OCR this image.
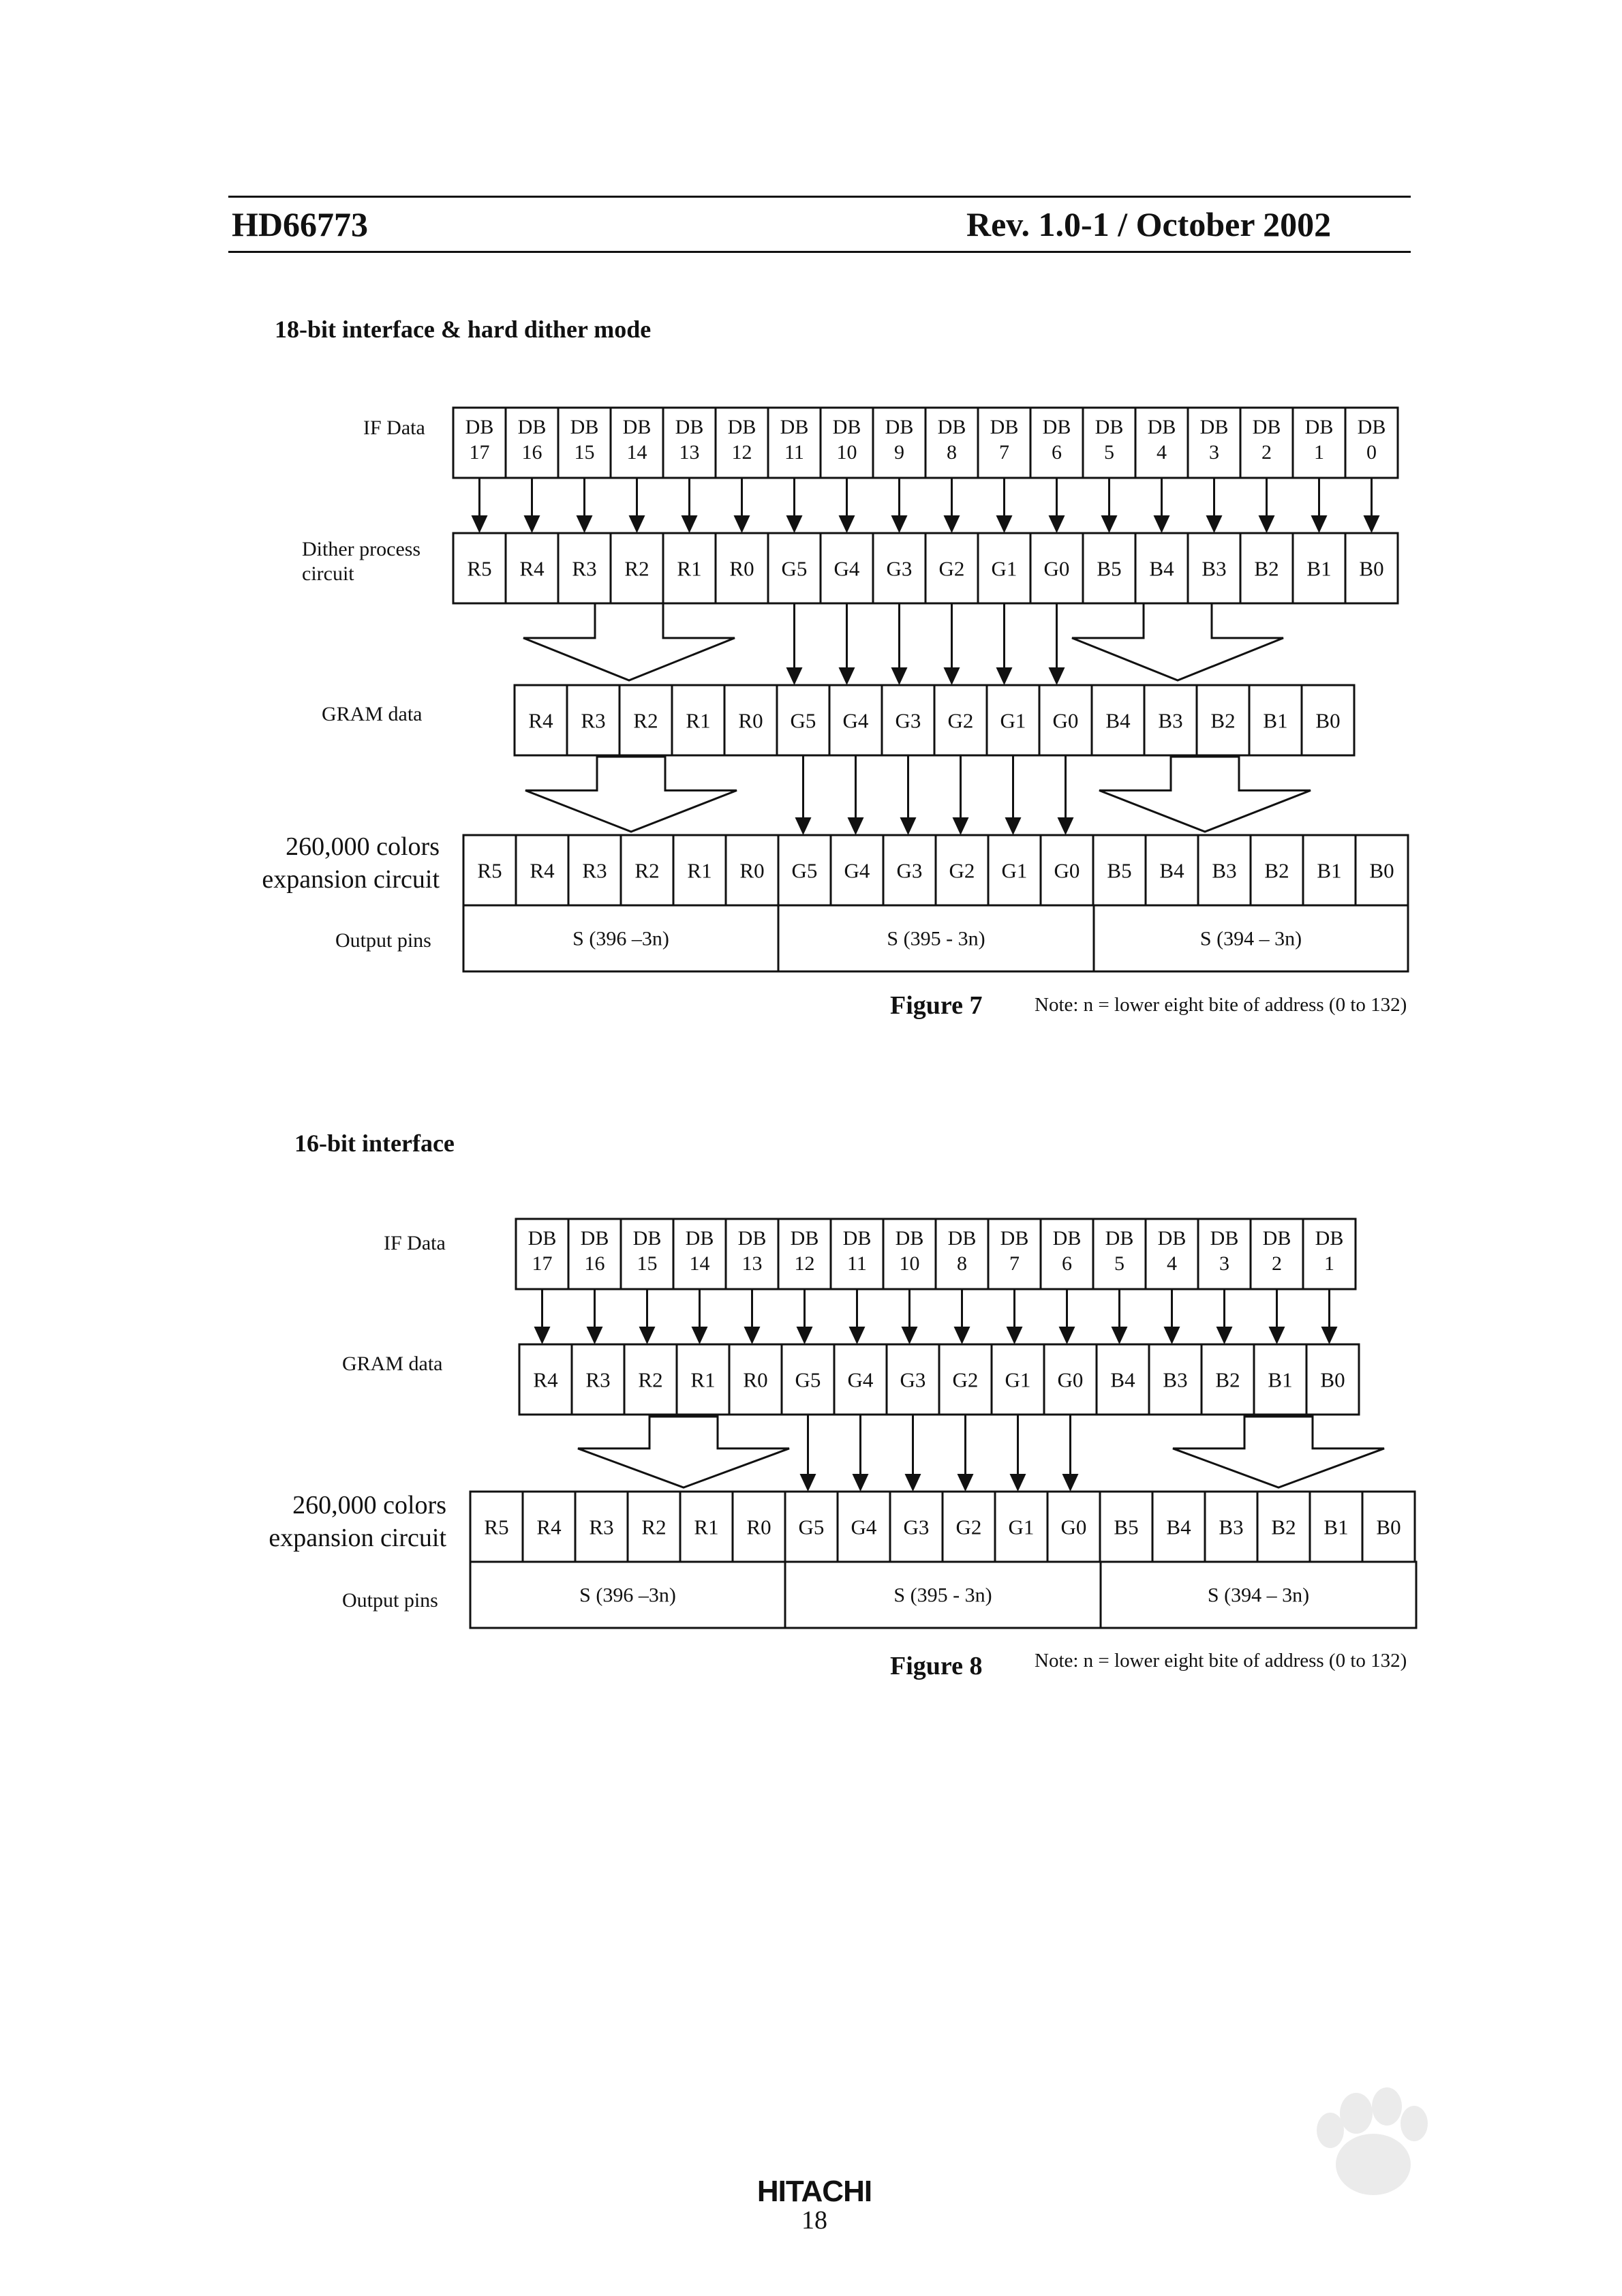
HD66773	Rev. 1.0-1 / October 2002
18-bit interface & hard dither mode
IF Data
Dither process circuit
GRAM data
260,000 colors expansion circuit
Output pins
DB
17
DB
16
DB
15
DB
14
DB
13
DB
12
DB
11
DB
10
DB
9
DB
8
DB
7
DB
6
DB
5
DB
4
DB
3
DB
2
DB
1
DB
0
R5 R4 R3 R2 R1 R0 G5 G4 G3 G2 G1 G0 B5 B4 B3 B2 B1 B0
R4 R3 R2 R1 R0 G5 G4 G3 G2 G1 G0 B4 B3 B2 B1 B0
R5 R4 R3 R2 R1 R0 G5 G4 G3 G2 G1 G0 B5 B4 B3 B2 B1 B0
S (396 –3n)	S (395 - 3n)	S (394 – 3n)
Figure 7	Note: n = lower eight bite of address (0 to 132)
16-bit interface
IF Data
GRAM data
260,000 colors expansion circuit
Output pins
DB
17
DB
16
DB
15
DB
14
DB
13
DB
12
DB
11
DB
10
DB
8
DB
7
DB
6
DB
5
DB
4
DB
3
DB
2
DB
1
R4 R3 R2 R1 R0 G5 G4 G3 G2 G1 G0 B4 B3 B2 B1 B0
R5 R4 R3 R2 R1 R0 G5 G4 G3 G2 G1 G0 B5 B4 B3 B2 B1 B0
S (396 –3n)	S (395 - 3n)	S (394 – 3n)
Figure 8	Note: n = lower eight bite of address (0 to 132)
HITACHI
18
